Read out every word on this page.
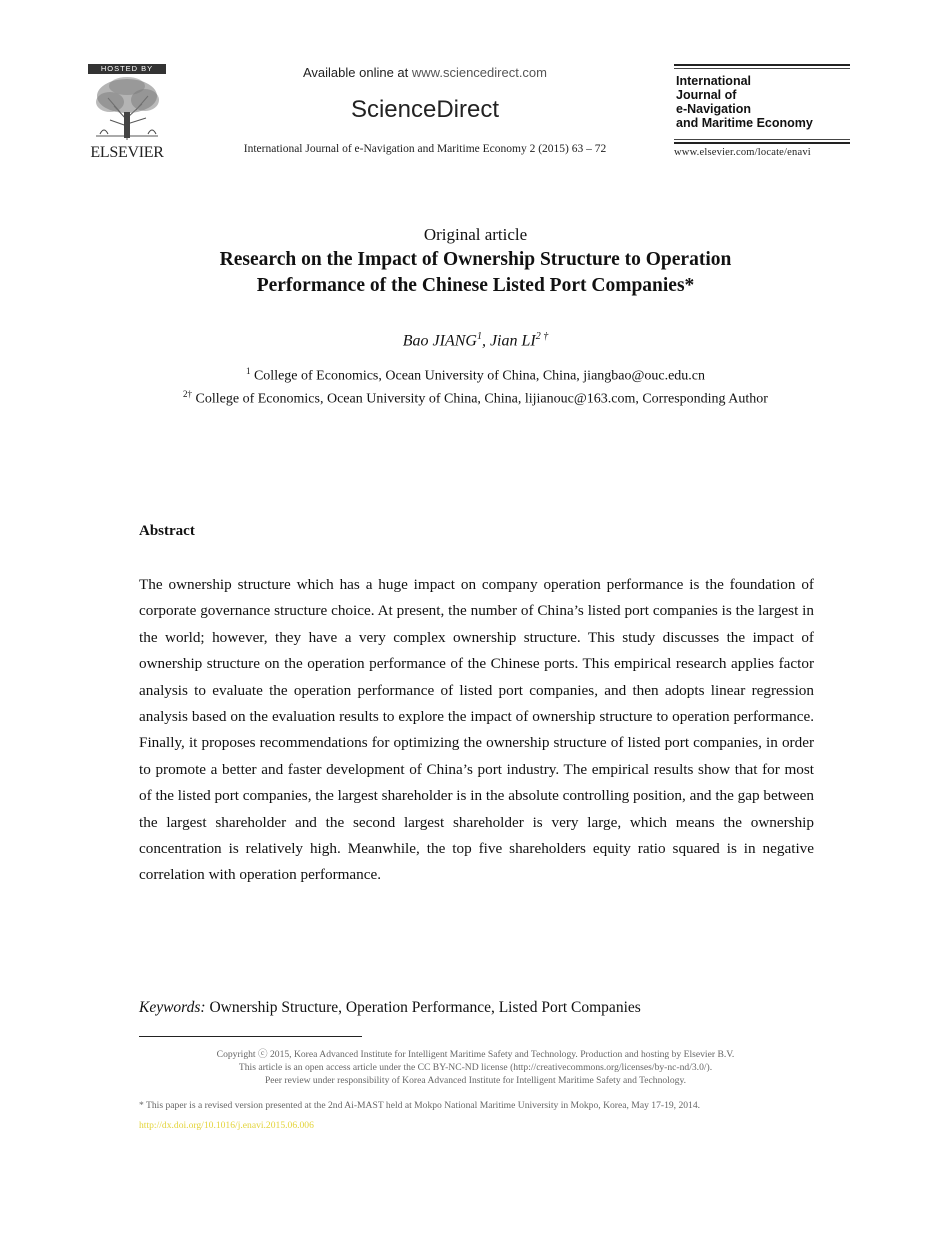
HOSTED BY
ELSEVIER
Available online at www.sciencedirect.com
ScienceDirect
International Journal of e-Navigation and Maritime Economy 2 (2015) 63 – 72
International
Journal of
e-Navigation
and Maritime Economy
www.elsevier.com/locate/enavi
Original article
Research on the Impact of Ownership Structure to Operation
Performance of the Chinese Listed Port Companies*
Bao JIANG$^1$, Jian $LI^{2 \dagger}$
$^1$ College of Economics, Ocean University of China, China, jiangbao@ouc.edu.cn
$^{2\dagger}$ College of Economics, Ocean University of China, China, lijianouc@163.com, Corresponding Author
Abstract

The ownership structure which has a huge impact on company operation performance is the foundation of corporate governance structure choice. At present, the number of China’s listed port companies is the largest in the world; however, they have a very complex ownership structure. This study discusses the impact of ownership structure on the operation performance of the Chinese ports. This empirical research applies factor analysis to evaluate the operation performance of listed port companies, and then adopts linear regression analysis based on the evaluation results to explore the impact of ownership structure to operation performance. Finally, it proposes recommendations for optimizing the ownership structure of listed port companies, in order to promote a better and faster development of China’s port industry. The empirical results show that for most of the listed port companies, the largest shareholder is in the absolute controlling position, and the gap between the largest shareholder and the second largest shareholder is very large, which means the ownership concentration is relatively high. Meanwhile, the top five shareholders equity ratio squared is in negative correlation with operation performance.

Keywords: Ownership Structure, Operation Performance, Listed Port Companies
Copyright ⓒ 2015, Korea Advanced Institute for Intelligent Maritime Safety and Technology. Production and hosting by Elsevier B.V.
This article is an open access article under the CC BY-NC-ND license (http://creativecommons.org/licenses/by-nc-nd/3.0/).
Peer review under responsibility of Korea Advanced Institute for Intelligent Maritime Safety and Technology.
* This paper is a revised version presented at the 2nd Ai-MAST held at Mokpo National Maritime University in Mokpo, Korea, May 17-19, 2014.
http://dx.doi.org/10.1016/j.enavi.2015.06.006
